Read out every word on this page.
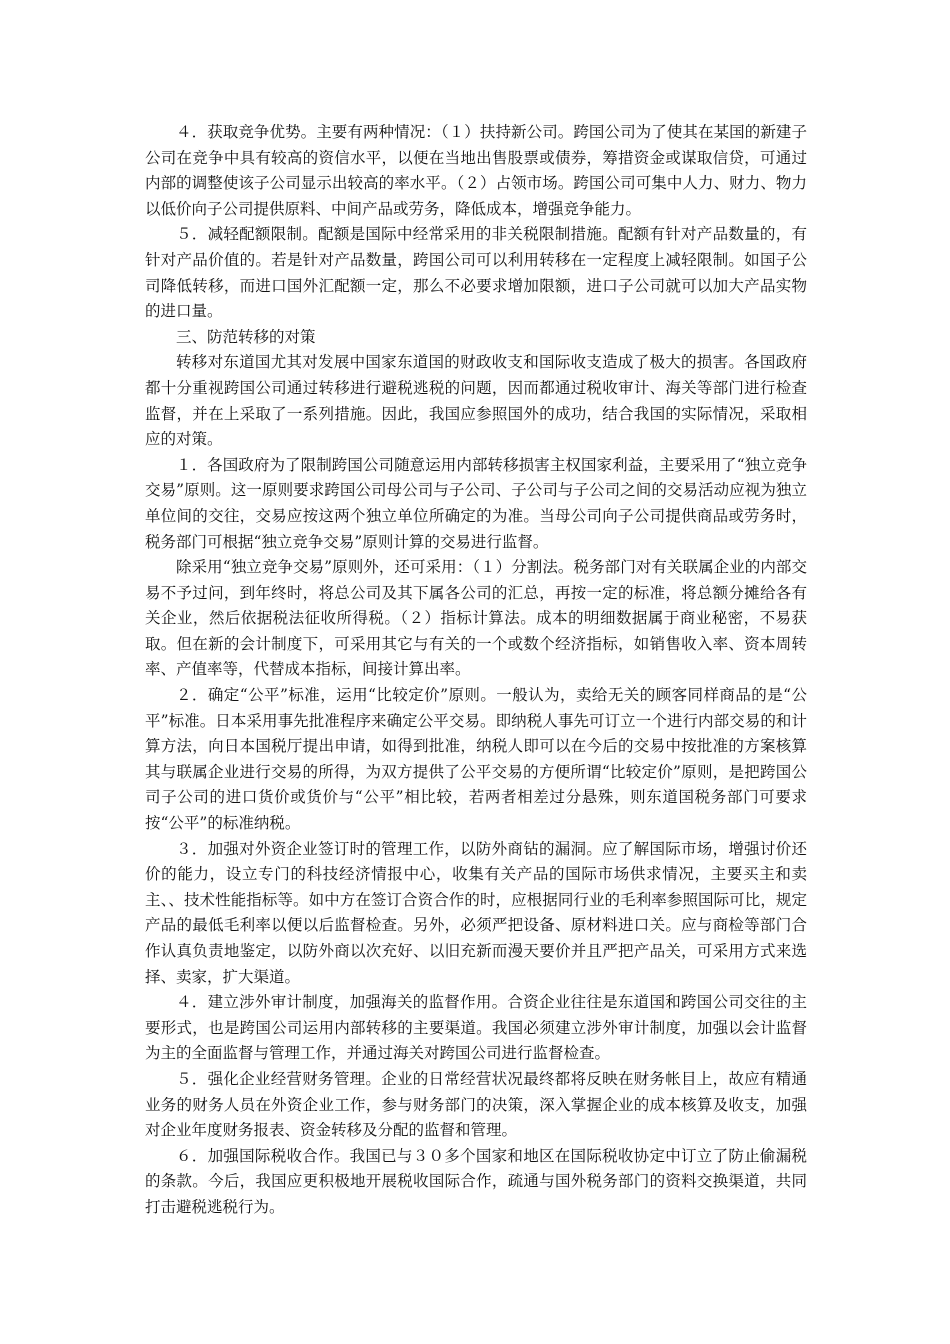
４．获取竞争优势。主要有两种情况：（１）扶持新公司。跨国公司为了使其在某国的新建子公司在竞争中具有较高的资信水平，以便在当地出售股票或债券，筹措资金或谋取信贷，可通过内部的调整使该子公司显示出较高的率水平。（２）占领市场。跨国公司可集中人力、财力、物力以低价向子公司提供原料、中间产品或劳务，降低成本，增强竞争能力。

５．减轻配额限制。配额是国际中经常采用的非关税限制措施。配额有针对产品数量的，有针对产品价值的。若是针对产品数量，跨国公司可以利用转移在一定程度上减轻限制。如国子公司降低转移，而进口国外汇配额一定，那么不必要求增加限额，进口子公司就可以加大产品实物的进口量。

三、防范转移的对策

转移对东道国尤其对发展中国家东道国的财政收支和国际收支造成了极大的损害。各国政府都十分重视跨国公司通过转移进行避税逃税的问题，因而都通过税收审计、海关等部门进行检查监督，并在上采取了一系列措施。因此，我国应参照国外的成功，结合我国的实际情况，采取相应的对策。

１．各国政府为了限制跨国公司随意运用内部转移损害主权国家利益，主要采用了“独立竞争交易”原则。这一原则要求跨国公司母公司与子公司、子公司与子公司之间的交易活动应视为独立单位间的交往，交易应按这两个独立单位所确定的为准。当母公司向子公司提供商品或劳务时，税务部门可根据“独立竞争交易”原则计算的交易进行监督。

除采用“独立竞争交易”原则外，还可采用：（１）分割法。税务部门对有关联属企业的内部交易不予过问，到年终时，将总公司及其下属各公司的汇总，再按一定的标准，将总额分摊给各有关企业，然后依据税法征收所得税。（２）指标计算法。成本的明细数据属于商业秘密，不易获取。但在新的会计制度下，可采用其它与有关的一个或数个经济指标，如销售收入率、资本周转率、产值率等，代替成本指标，间接计算出率。

２．确定“公平”标准，运用“比较定价”原则。一般认为，卖给无关的顾客同样商品的是“公平”标准。日本采用事先批准程序来确定公平交易。即纳税人事先可订立一个进行内部交易的和计算方法，向日本国税厅提出申请，如得到批准，纳税人即可以在今后的交易中按批准的方案核算其与联属企业进行交易的所得，为双方提供了公平交易的方便所谓“比较定价”原则，是把跨国公司子公司的进口货价或货价与“公平”相比较，若两者相差过分悬殊，则东道国税务部门可要求按“公平”的标准纳税。

３．加强对外资企业签订时的管理工作，以防外商钻的漏洞。应了解国际市场，增强讨价还价的能力，设立专门的科技经济情报中心，收集有关产品的国际市场供求情况，主要买主和卖主、、技术性能指标等。如中方在签订合资合作的时，应根据同行业的毛利率参照国际可比，规定产品的最低毛利率以便以后监督检查。另外，必须严把设备、原材料进口关。应与商检等部门合作认真负责地鉴定，以防外商以次充好、以旧充新而漫天要价并且严把产品关，可采用方式来选择、卖家，扩大渠道。

４．建立涉外审计制度，加强海关的监督作用。合资企业往往是东道国和跨国公司交往的主要形式，也是跨国公司运用内部转移的主要渠道。我国必须建立涉外审计制度，加强以会计监督为主的全面监督与管理工作，并通过海关对跨国公司进行监督检查。

５．强化企业经营财务管理。企业的日常经营状况最终都将反映在财务帐目上，故应有精通业务的财务人员在外资企业工作，参与财务部门的决策，深入掌握企业的成本核算及收支，加强对企业年度财务报表、资金转移及分配的监督和管理。

６．加强国际税收合作。我国已与３０多个国家和地区在国际税收协定中订立了防止偷漏税的条款。今后，我国应更积极地开展税收国际合作，疏通与国外税务部门的资料交换渠道，共同打击避税逃税行为。
